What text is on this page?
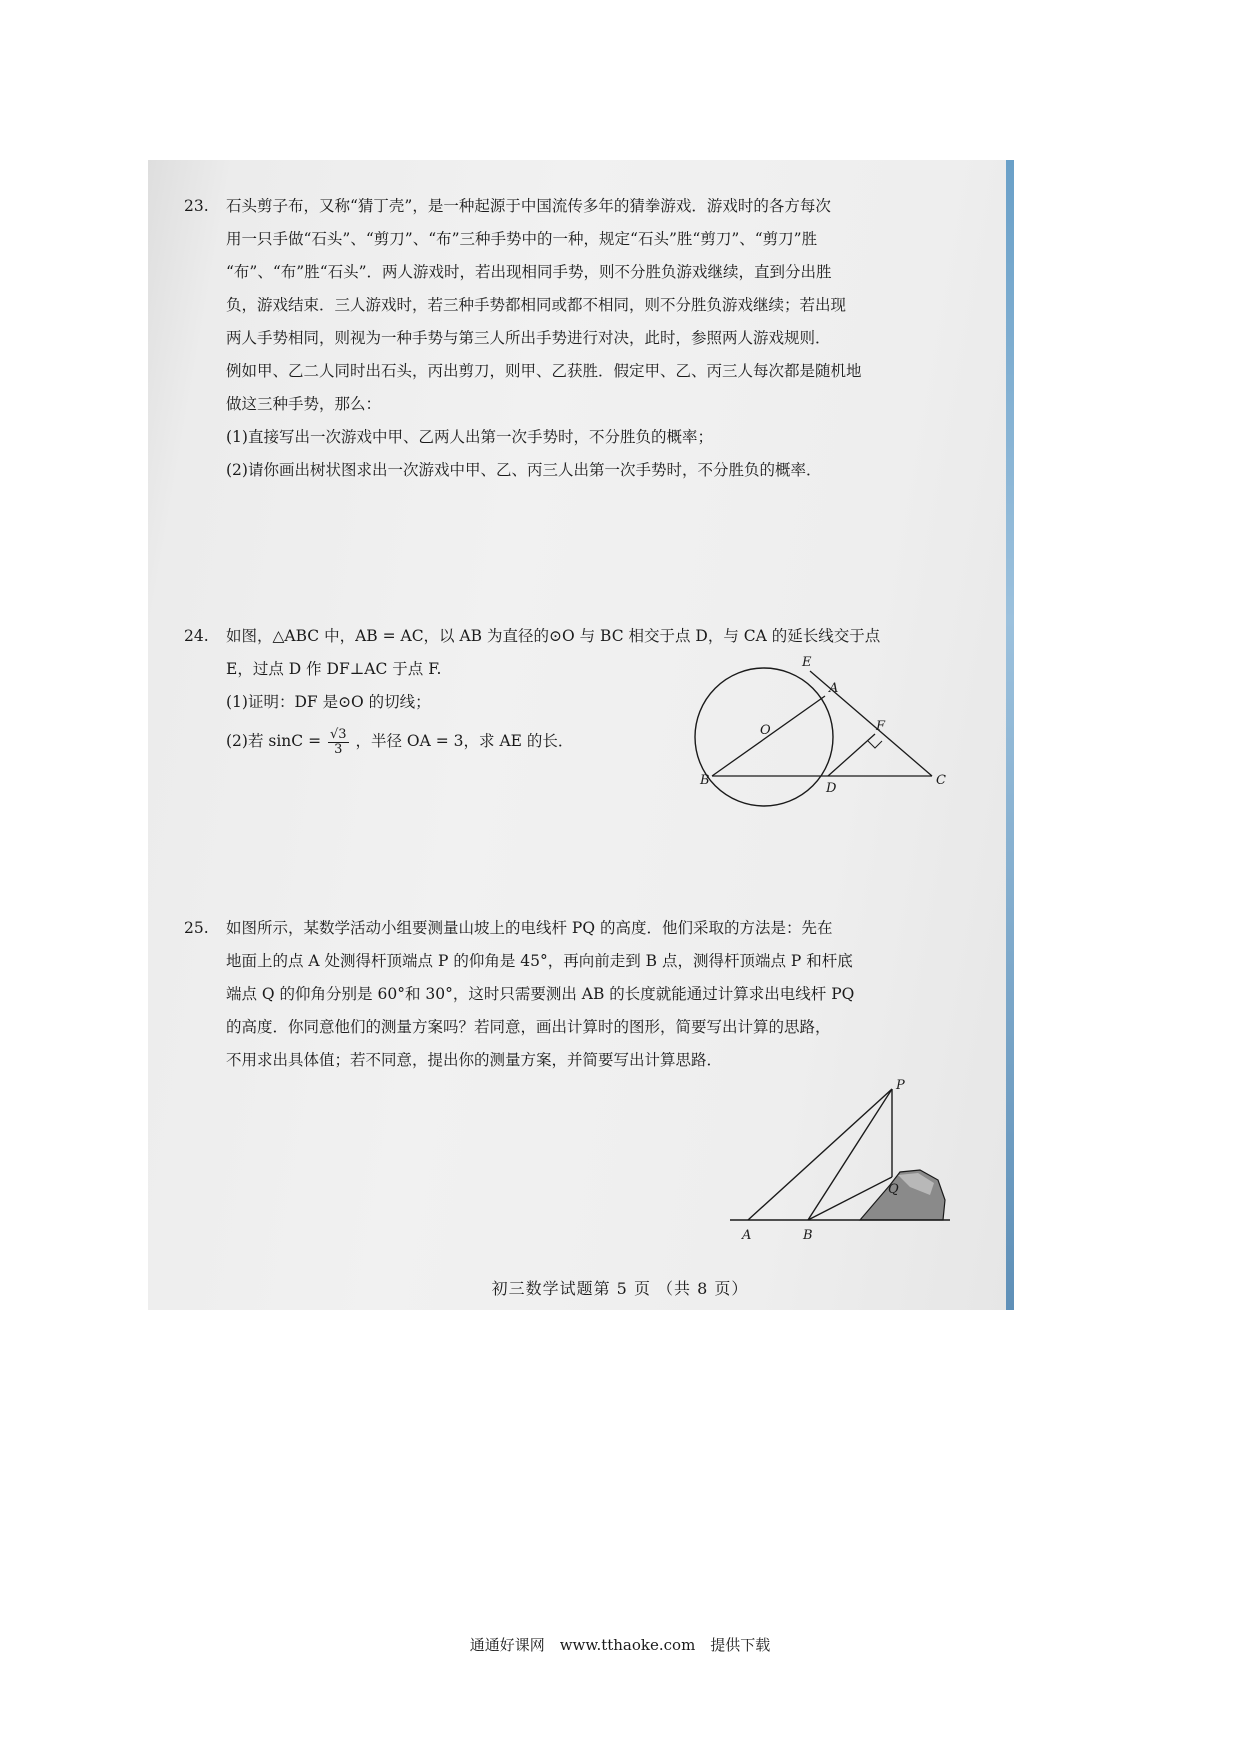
23. 石头剪子布，又称“猜丁壳”，是一种起源于中国流传多年的猜拳游戏．游戏时的各方每次

用一只手做“石头”、“剪刀”、“布”三种手势中的一种，规定“石头”胜“剪刀”、“剪刀”胜

“布”、“布”胜“石头”．两人游戏时，若出现相同手势，则不分胜负游戏继续，直到分出胜

负，游戏结束．三人游戏时，若三种手势都相同或都不相同，则不分胜负游戏继续；若出现

两人手势相同，则视为一种手势与第三人所出手势进行对决，此时，参照两人游戏规则．

例如甲、乙二人同时出石头，丙出剪刀，则甲、乙获胜．假定甲、乙、丙三人每次都是随机地

做这三种手势，那么：

(1)直接写出一次游戏中甲、乙两人出第一次手势时，不分胜负的概率；

(2)请你画出树状图求出一次游戏中甲、乙、丙三人出第一次手势时，不分胜负的概率．

24. 如图，△ABC 中，AB = AC，以 AB 为直径的⊙O 与 BC 相交于点 D，与 CA 的延长线交于点

E，过点 D 作 DF⊥AC 于点 F.

(1)证明：DF 是⊙O 的切线；

(2)若 $\sin C = \frac{√3}{3}$ ，半径 OA = 3，求 AE 的长．

E
A
F
O
B
D
C
25. 如图所示，某数学活动小组要测量山坡上的电线杆 PQ 的高度．他们采取的方法是：先在

地面上的点 A 处测得杆顶端点 P 的仰角是 45°，再向前走到 B 点，测得杆顶端点 P 和杆底

端点 Q 的仰角分别是 60°和 30°，这时只需要测出 AB 的长度就能通过计算求出电线杆 PQ

的高度．你同意他们的测量方案吗？若同意，画出计算时的图形，简要写出计算的思路，

不用求出具体值；若不同意，提出你的测量方案，并简要写出计算思路．

P
Q
A	B
初三数学试题第 5 页 （共 8 页）
通通好课网　www.tthaoke.com　提供下载
